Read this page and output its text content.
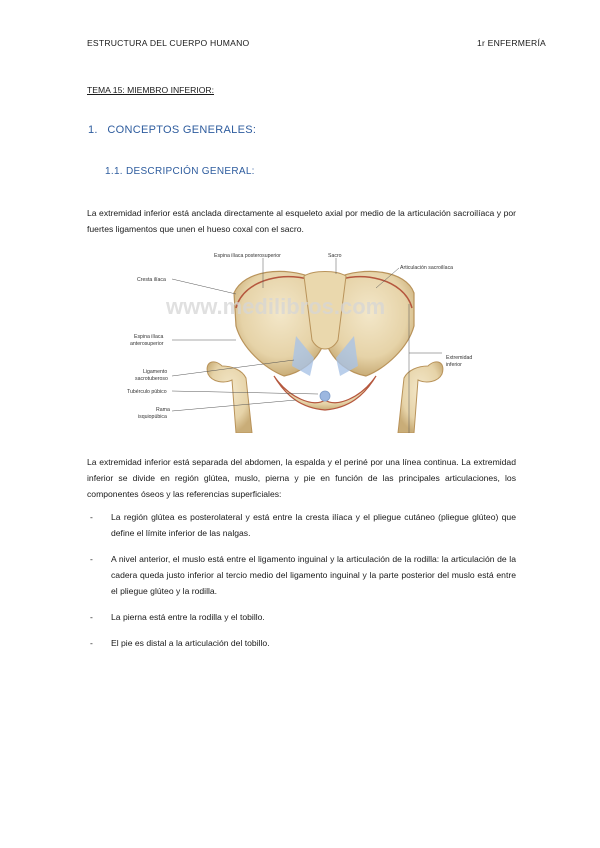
ESTRUCTURA DEL CUERPO HUMANO	1r ENFERMERÍA
TEMA 15: MIEMBRO INFERIOR:
1. CONCEPTOS GENERALES:
1.1. DESCRIPCIÓN GENERAL:
La extremidad inferior está anclada directamente al esqueleto axial por medio de la articulación sacroilíaca y por fuertes ligamentos que unen el hueso coxal con el sacro.
www.medilibros.com
Espina ilíaca posterosuperior	Sacro
Articulación sacroilíaca
Cresta ilíaca
Espina ilíaca
anterosuperior
Extremidad
inferior
Ligamento
sacrotuberoso
Tubérculo púbico
Rama
isquiopúbica
La extremidad inferior está separada del abdomen, la espalda y el periné por una línea continua. La extremidad inferior se divide en región glútea, muslo, pierna y pie en función de las principales articulaciones, los componentes óseos y las referencias superficiales:
- La región glútea es posterolateral y está entre la cresta ilíaca y el pliegue cutáneo (pliegue glúteo) que define el límite inferior de las nalgas.
- A nivel anterior, el muslo está entre el ligamento inguinal y la articulación de la rodilla: la articulación de la cadera queda justo inferior al tercio medio del ligamento inguinal y la parte posterior del muslo está entre el pliegue glúteo y la rodilla.
- La pierna está entre la rodilla y el tobillo.
- El pie es distal a la articulación del tobillo.
